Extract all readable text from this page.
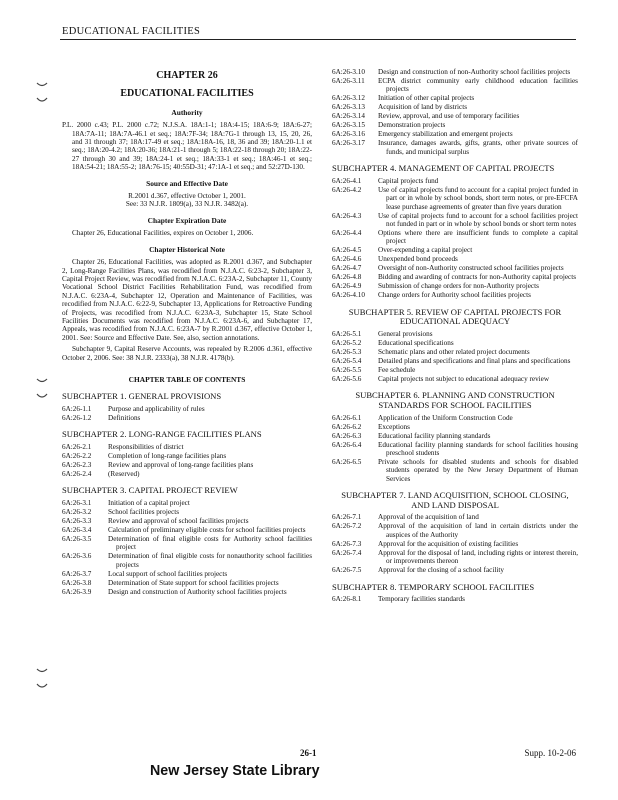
EDUCATIONAL FACILITIES
CHAPTER 26
EDUCATIONAL FACILITIES
Authority

P.L. 2000 c.43; P.L. 2000 c.72; N.J.S.A. 18A:1-1; 18A:4-15; 18A:6-9; 18A:6-27; 18A:7A-11; 18A:7A-46.1 et seq.; 18A:7F-34; 18A:7G-1 through 13, 15, 20, 26, and 31 through 37; 18A:17-49 et seq.; 18A:18A-16, 18, 36 and 39; 18A:20-1.1 et seq.; 18A:20-4.2; 18A:20-36; 18A:21-1 through 5; 18A:22-18 through 20; 18A:22-27 through 30 and 39; 18A:24-1 et seq.; 18A:33-1 et seq.; 18A:46-1 et seq.; 18A:54-21; 18A:55-2; 18A:76-15; 40:55D-31; 47:1A-1 et seq.; and 52:27D-130.

Source and Effective Date
R.2001 d.367, effective October 1, 2001.
See: 33 N.J.R. 1809(a), 33 N.J.R. 3482(a).
Chapter Expiration Date

Chapter 26, Educational Facilities, expires on October 1, 2006.

Chapter Historical Note

Chapter 26, Educational Facilities, was adopted as R.2001 d.367, and Subchapter 2, Long-Range Facilities Plans, was recodified from N.J.A.C. 6:23-2, Subchapter 3, Capital Project Review, was recodified from N.J.A.C. 6:23A-2, Subchapter 11, County Vocational School District Facilities Rehabilitation Fund, was recodified from N.J.A.C. 6:23A-4, Subchapter 12, Operation and Maintenance of Facilities, was recodified from N.J.A.C. 6:22-9, Subchapter 13, Applications for Retroactive Funding of Projects, was recodified from N.J.A.C. 6:23A-3, Subchapter 15, State School Facilities Documents was recodified from N.J.A.C. 6:23A-6, and Subchapter 17, Appeals, was recodified from N.J.A.C. 6:23A-7 by R.2001 d.367, effective October 1, 2001. See: Source and Effective Date. See, also, section annotations.

Subchapter 9, Capital Reserve Accounts, was repealed by R.2006 d.361, effective October 2, 2006. See: 38 N.J.R. 2333(a), 38 N.J.R. 4178(b).

CHAPTER TABLE OF CONTENTS
SUBCHAPTER 1. GENERAL PROVISIONS
6A:26-1.1	Purpose and applicability of rules
6A:26-1.2	Definitions
SUBCHAPTER 2. LONG-RANGE FACILITIES PLANS
6A:26-2.1	Responsibilities of district
6A:26-2.2	Completion of long-range facilities plans
6A:26-2.3	Review and approval of long-range facilities plans
6A:26-2.4	(Reserved)
SUBCHAPTER 3. CAPITAL PROJECT REVIEW
6A:26-3.1	Initiation of a capital project
6A:26-3.2	School facilities projects
6A:26-3.3	Review and approval of school facilities projects
6A:26-3.4	Calculation of preliminary eligible costs for school facilities projects
6A:26-3.5	Determination of final eligible costs for Authority school facilities project
6A:26-3.6	Determination of final eligible costs for nonauthority school facilities projects
6A:26-3.7	Local support of school facilities projects
6A:26-3.8	Determination of State support for school facilities projects
6A:26-3.9	Design and construction of Authority school facilities projects
6A:26-3.10	Design and construction of non-Authority school facilities projects
6A:26-3.11	ECPA district community early childhood education facilities projects
6A:26-3.12	Initiation of other capital projects
6A:26-3.13	Acquisition of land by districts
6A:26-3.14	Review, approval, and use of temporary facilities
6A:26-3.15	Demonstration projects
6A:26-3.16	Emergency stabilization and emergent projects
6A:26-3.17	Insurance, damages awards, gifts, grants, other private sources of funds, and municipal surplus
SUBCHAPTER 4. MANAGEMENT OF CAPITAL PROJECTS
6A:26-4.1	Capital projects fund
6A:26-4.2	Use of capital projects fund to account for a capital project funded in part or in whole by school bonds, short term notes, or pre-EFCFA lease purchase agreements of greater than five years duration
6A:26-4.3	Use of capital projects fund to account for a school facilities project not funded in part or in whole by school bonds or short term notes
6A:26-4.4	Options where there are insufficient funds to complete a capital project
6A:26-4.5	Over-expending a capital project
6A:26-4.6	Unexpended bond proceeds
6A:26-4.7	Oversight of non-Authority constructed school facilities projects
6A:26-4.8	Bidding and awarding of contracts for non-Authority capital projects
6A:26-4.9	Submission of change orders for non-Authority projects
6A:26-4.10	Change orders for Authority school facilities projects
SUBCHAPTER 5. REVIEW OF CAPITAL PROJECTS FOR EDUCATIONAL ADEQUACY
6A:26-5.1	General provisions
6A:26-5.2	Educational specifications
6A:26-5.3	Schematic plans and other related project documents
6A:26-5.4	Detailed plans and specifications and final plans and specifications
6A:26-5.5	Fee schedule
6A:26-5.6	Capital projects not subject to educational adequacy review
SUBCHAPTER 6. PLANNING AND CONSTRUCTION STANDARDS FOR SCHOOL FACILITIES
6A:26-6.1	Application of the Uniform Construction Code
6A:26-6.2	Exceptions
6A:26-6.3	Educational facility planning standards
6A:26-6.4	Educational facility planning standards for school facilities housing preschool students
6A:26-6.5	Private schools for disabled students and schools for disabled students operated by the New Jersey Department of Human Services
SUBCHAPTER 7. LAND ACQUISITION, SCHOOL CLOSING, AND LAND DISPOSAL
6A:26-7.1	Approval of the acquisition of land
6A:26-7.2	Approval of the acquisition of land in certain districts under the auspices of the Authority
6A:26-7.3	Approval for the acquisition of existing facilities
6A:26-7.4	Approval for the disposal of land, including rights or interest therein, or improvements thereon
6A:26-7.5	Approval for the closing of a school facility
SUBCHAPTER 8. TEMPORARY SCHOOL FACILITIES
6A:26-8.1	Temporary facilities standards
26-1	Supp. 10-2-06
New Jersey State Library
